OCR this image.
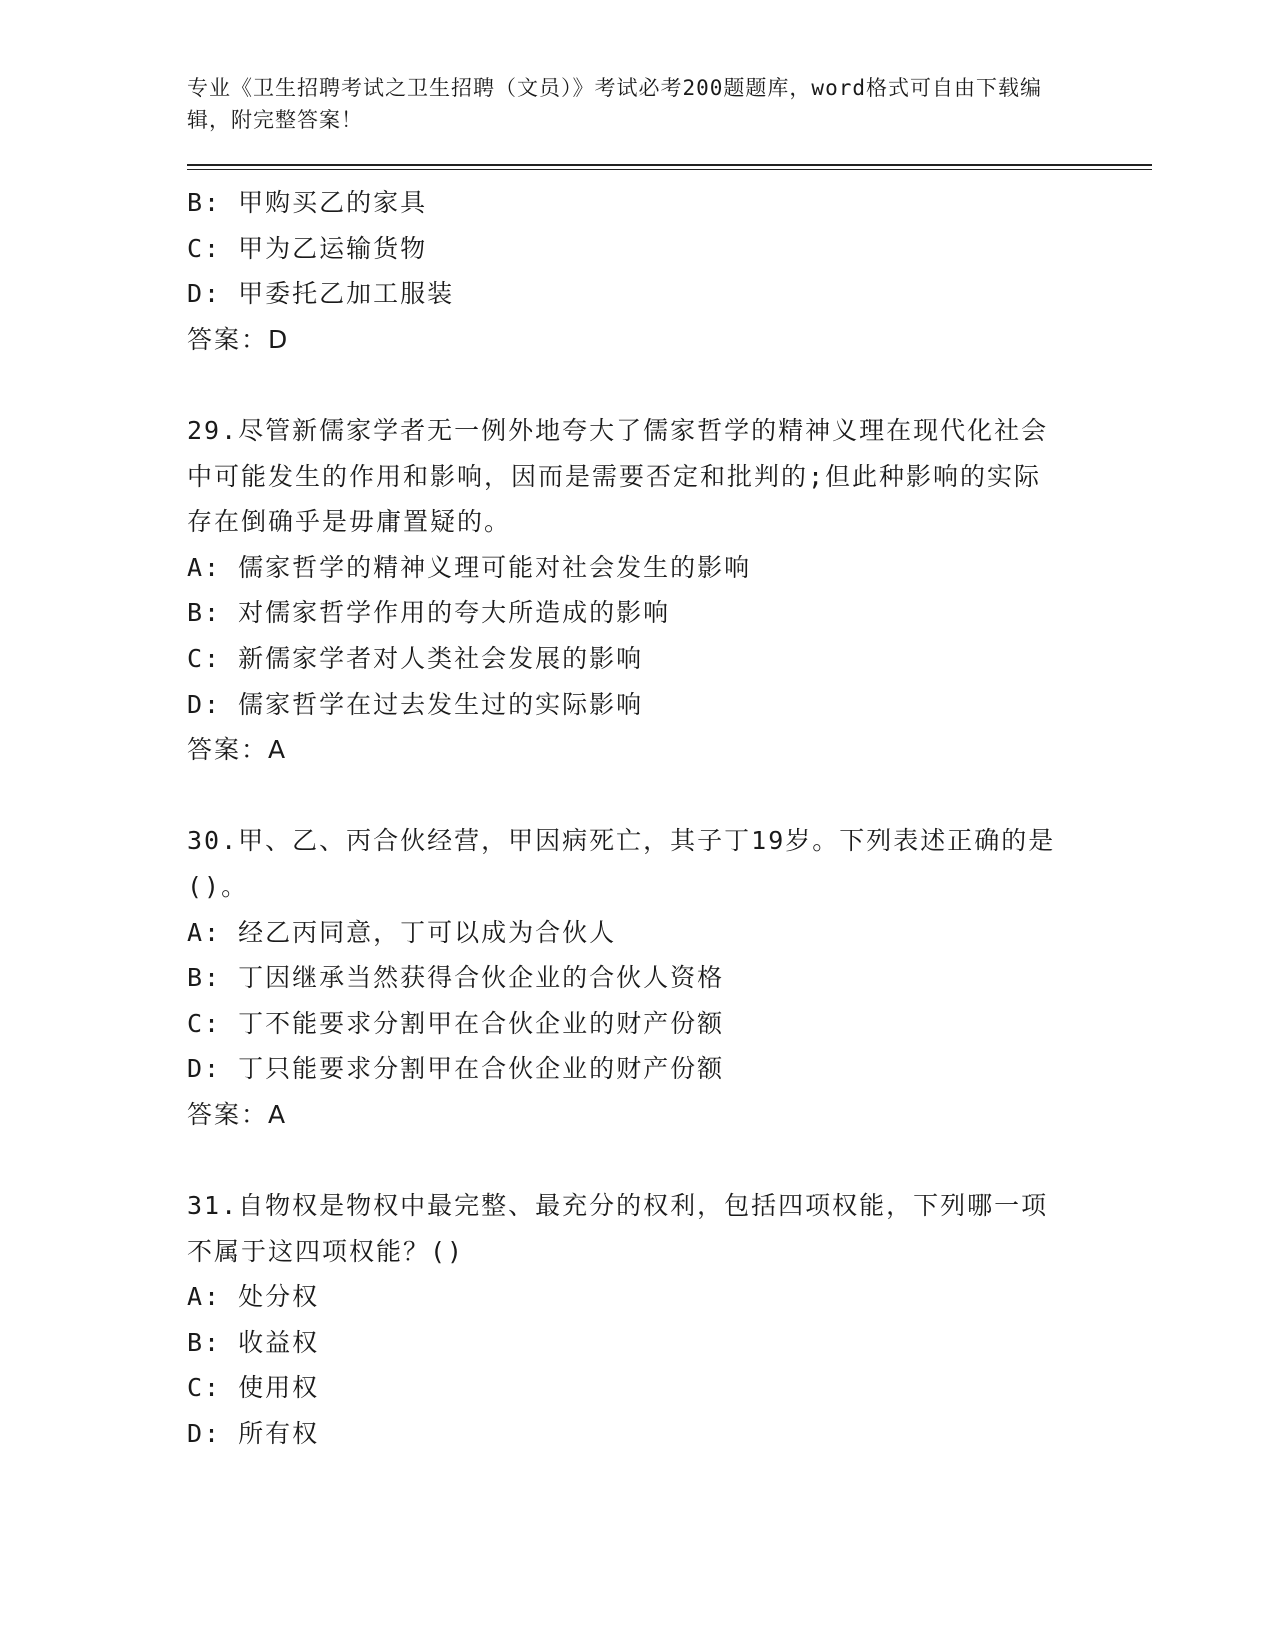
专业《卫生招聘考试之卫生招聘（文员）》考试必考200题题库，word格式可自由下载编辑，附完整答案！
B: 甲购买乙的家具
C: 甲为乙运输货物
D: 甲委托乙加工服装
答案：D
29.尽管新儒家学者无一例外地夸大了儒家哲学的精神义理在现代化社会中可能发生的作用和影响，因而是需要否定和批判的;但此种影响的实际存在倒确乎是毋庸置疑的。
A: 儒家哲学的精神义理可能对社会发生的影响
B: 对儒家哲学作用的夸大所造成的影响
C: 新儒家学者对人类社会发展的影响
D: 儒家哲学在过去发生过的实际影响
答案：A
30.甲、乙、丙合伙经营，甲因病死亡，其子丁19岁。下列表述正确的是()。
A: 经乙丙同意，丁可以成为合伙人
B: 丁因继承当然获得合伙企业的合伙人资格
C: 丁不能要求分割甲在合伙企业的财产份额
D: 丁只能要求分割甲在合伙企业的财产份额
答案：A
31.自物权是物权中最完整、最充分的权利，包括四项权能，下列哪一项不属于这四项权能？()
A: 处分权
B: 收益权
C: 使用权
D: 所有权
